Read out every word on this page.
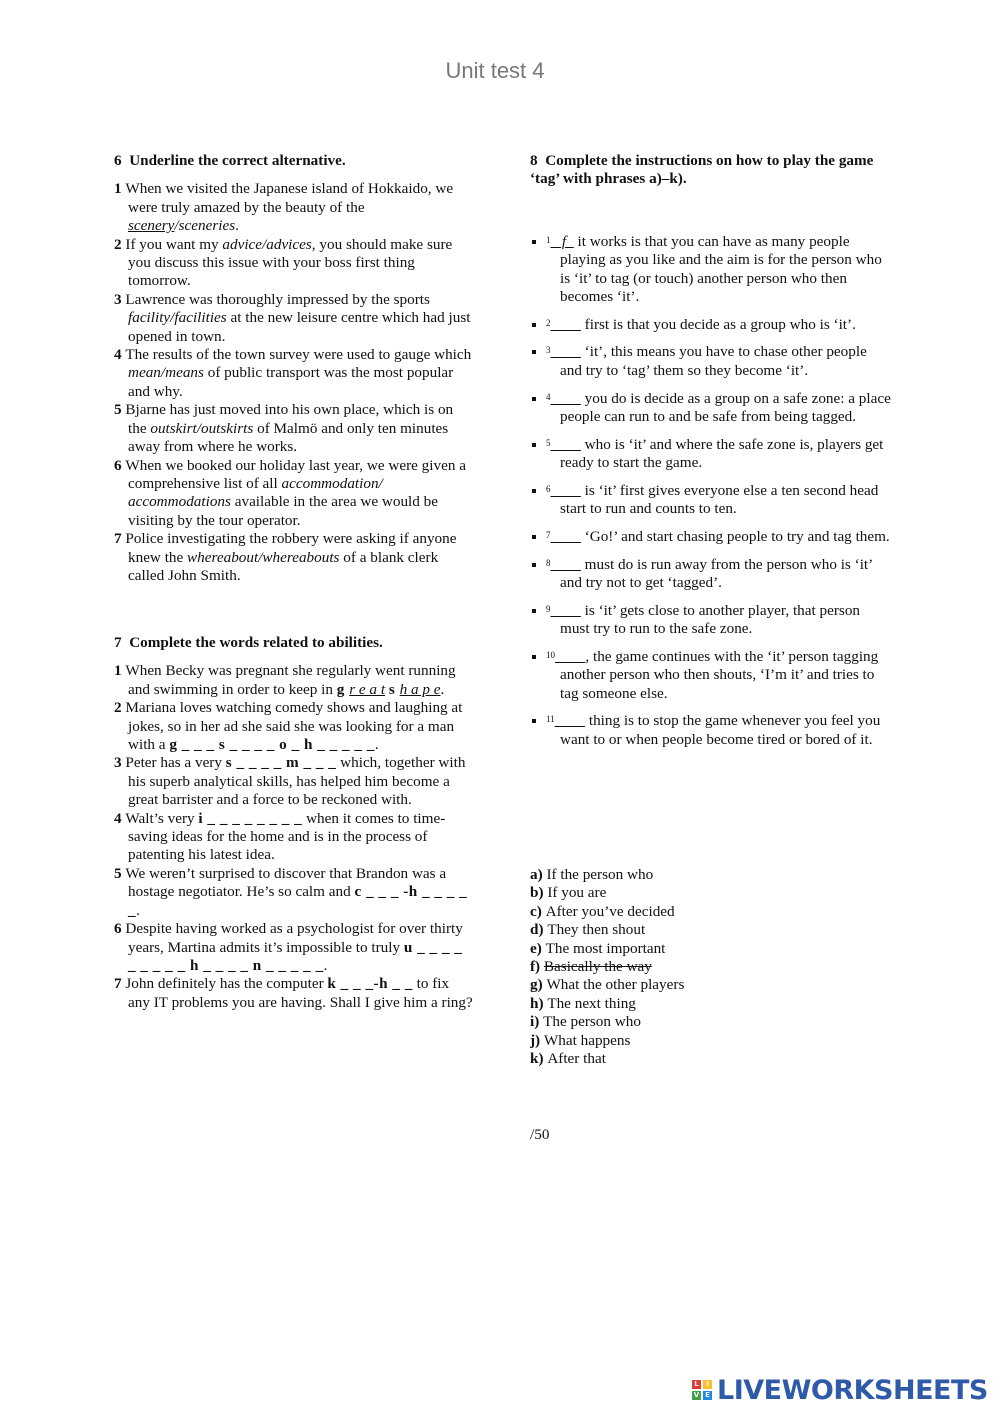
Unit test 4

6 Underline the correct alternative.

1 When we visited the Japanese island of Hokkaido, we were truly amazed by the beauty of the scenery/sceneries.

2 If you want my advice/advices, you should make sure you discuss this issue with your boss first thing tomorrow.

3 Lawrence was thoroughly impressed by the sports facility/facilities at the new leisure centre which had just opened in town.

4 The results of the town survey were used to gauge which mean/means of public transport was the most popular and why.

5 Bjarne has just moved into his own place, which is on the outskirt/outskirts of Malmö and only ten minutes away from where he works.

6 When we booked our holiday last year, we were given a comprehensive list of all accommodation/ accommodations available in the area we would be visiting by the tour operator.

7 Police investigating the robbery were asking if anyone knew the whereabout/whereabouts of a blank clerk called John Smith.

7 Complete the words related to abilities.

1 When Becky was pregnant she regularly went running and swimming in order to keep in g r e a t s h a p e.

2 Mariana loves watching comedy shows and laughing at jokes, so in her ad she said she was looking for a man with a g _ _ _ s _ _ _ _ o _ h _ _ _ _ _.

3 Peter has a very s _ _ _ _ m _ _ _ which, together with his superb analytical skills, has helped him become a great barrister and a force to be reckoned with.

4 Walt’s very i _ _ _ _ _ _ _ _ when it comes to time-saving ideas for the home and is in the process of patenting his latest idea.

5 We weren’t surprised to discover that Brandon was a hostage negotiator. He’s so calm and c _ _ _ -h _ _ _ _ _.

6 Despite having worked as a psychologist for over thirty years, Martina admits it’s impossible to truly u _ _ _ _ _ _ _ _ _ h _ _ _ _ n _ _ _ _ _.

7 John definitely has the computer k _ _ _-h _ _ to fix any IT problems you are having. Shall I give him a ring?

8 Complete the instructions on how to play the game ‘tag’ with phrases a)–k).

$^1$   f   it works is that you can have as many people playing as you like and the aim is for the person who is ‘it’ to tag (or touch) another person who then becomes ‘it’.
$^2$         first is that you decide as a group who is ‘it’.
$^3$         ‘it’, this means you have to chase other people and try to ‘tag’ them so they become ‘it’.
$^4$         you do is decide as a group on a safe zone: a place people can run to and be safe from being tagged.
$^5$         who is ‘it’ and where the safe zone is, players get ready to start the game.
$^6$         is ‘it’ first gives everyone else a ten second head start to run and counts to ten.
$^7$         ‘Go!’ and start chasing people to try and tag them.
$^8$         must do is run away from the person who is ‘it’ and try not to get ‘tagged’.
$^9$         is ‘it’ gets close to another player, that person must try to run to the safe zone.
$^{10}$ , the game continues with the ‘it’ person tagging another person who then shouts, ‘I’m it’ and tries to tag someone else.
$^{11}$         thing is to stop the game whenever you feel you want to or when people become tired or bored of it.
a) If the person who
b) If you are
c) After you’ve decided
d) They then shout
e) The most important
f) Basically the way
g) What the other players
h) The next thing
i) The person who
j) What happens
k) After that
/50
L	I
V E LIVEWORKSHEETS
